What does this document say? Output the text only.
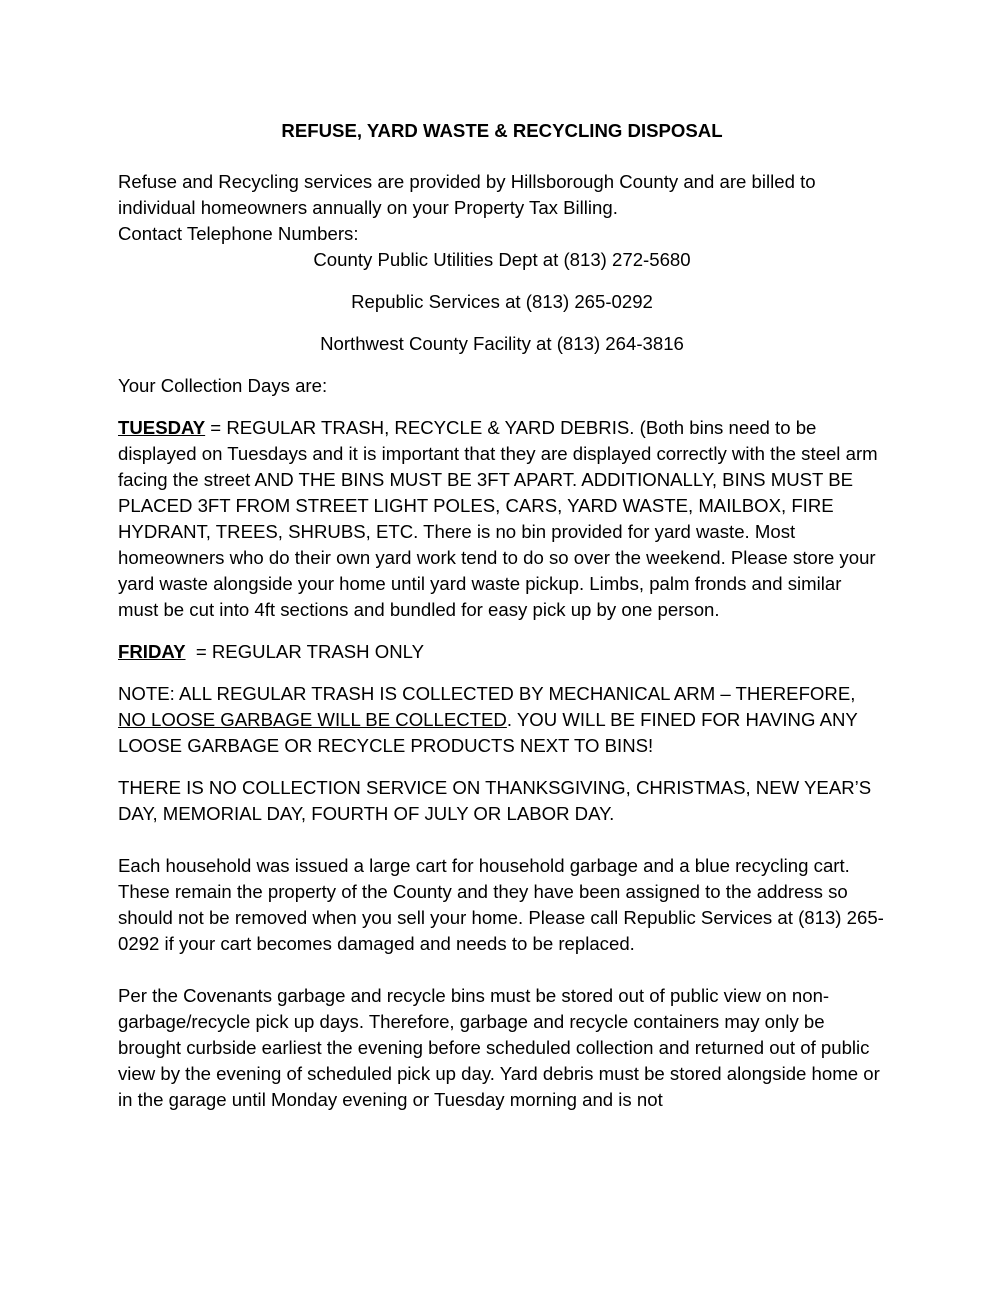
REFUSE, YARD WASTE & RECYCLING DISPOSAL

Refuse and Recycling services are provided by Hillsborough County and are billed to individual homeowners annually on your Property Tax Billing.
Contact Telephone Numbers:

County Public Utilities Dept at (813) 272-5680

Republic Services at (813) 265-0292

Northwest County Facility at (813) 264-3816

Your Collection Days are:

TUESDAY = REGULAR TRASH, RECYCLE & YARD DEBRIS. (Both bins need to be displayed on Tuesdays and it is important that they are displayed correctly with the steel arm facing the street AND THE BINS MUST BE 3FT APART. ADDITIONALLY, BINS MUST BE PLACED 3FT FROM STREET LIGHT POLES, CARS, YARD WASTE, MAILBOX, FIRE HYDRANT, TREES, SHRUBS, ETC. There is no bin provided for yard waste. Most homeowners who do their own yard work tend to do so over the weekend. Please store your yard waste alongside your home until yard waste pickup. Limbs, palm fronds and similar must be cut into 4ft sections and bundled for easy pick up by one person.

FRIDAY  = REGULAR TRASH ONLY

NOTE: ALL REGULAR TRASH IS COLLECTED BY MECHANICAL ARM – THEREFORE, NO LOOSE GARBAGE WILL BE COLLECTED. YOU WILL BE FINED FOR HAVING ANY LOOSE GARBAGE OR RECYCLE PRODUCTS NEXT TO BINS!

THERE IS NO COLLECTION SERVICE ON THANKSGIVING, CHRISTMAS, NEW YEAR’S DAY, MEMORIAL DAY, FOURTH OF JULY OR LABOR DAY.

Each household was issued a large cart for household garbage and a blue recycling cart. These remain the property of the County and they have been assigned to the address so should not be removed when you sell your home. Please call Republic Services at (813) 265-0292 if your cart becomes damaged and needs to be replaced.

Per the Covenants garbage and recycle bins must be stored out of public view on non-garbage/recycle pick up days. Therefore, garbage and recycle containers may only be brought curbside earliest the evening before scheduled collection and returned out of public view by the evening of scheduled pick up day. Yard debris must be stored alongside home or in the garage until Monday evening or Tuesday morning and is not
